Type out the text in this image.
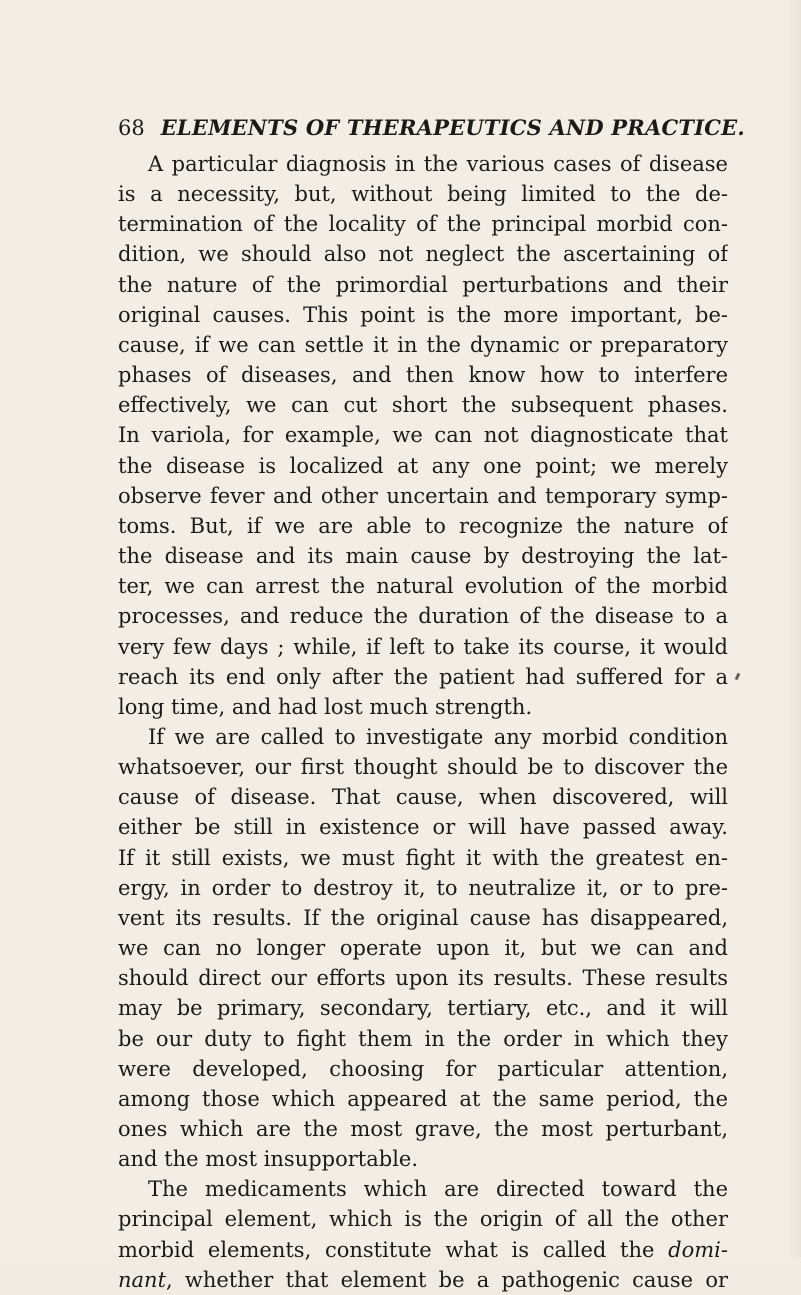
68 ELEMENTS OF THERAPEUTICS AND PRACTICE.
A particular diagnosis in the various cases of disease
is a necessity, but, without being limited to the de-
termination of the locality of the principal morbid con-
dition, we should also not neglect the ascertaining of
the nature of the primordial perturbations and their
original causes. This point is the more important, be-
cause, if we can settle it in the dynamic or preparatory
phases of diseases, and then know how to interfere
effectively, we can cut short the subsequent phases.
In variola, for example, we can not diagnosticate that
the disease is localized at any one point; we merely
observe fever and other uncertain and temporary symp-
toms. But, if we are able to recognize the nature of
the disease and its main cause by destroying the lat-
ter, we can arrest the natural evolution of the morbid
processes, and reduce the duration of the disease to a
very few days ; while, if left to take its course, it would
reach its end only after the patient had suffered for a
long time, and had lost much strength.
If we are called to investigate any morbid condition
whatsoever, our first thought should be to discover the
cause of disease. That cause, when discovered, will
either be still in existence or will have passed away.
If it still exists, we must fight it with the greatest en-
ergy, in order to destroy it, to neutralize it, or to pre-
vent its results. If the original cause has disappeared,
we can no longer operate upon it, but we can and
should direct our efforts upon its results. These results
may be primary, secondary, tertiary, etc., and it will
be our duty to fight them in the order in which they
were developed, choosing for particular attention,
among those which appeared at the same period, the
ones which are the most grave, the most perturbant,
and the most insupportable.
The medicaments which are directed toward the
principal element, which is the origin of all the other
morbid elements, constitute what is called the domi-
nant, whether that element be a pathogenic cause or
